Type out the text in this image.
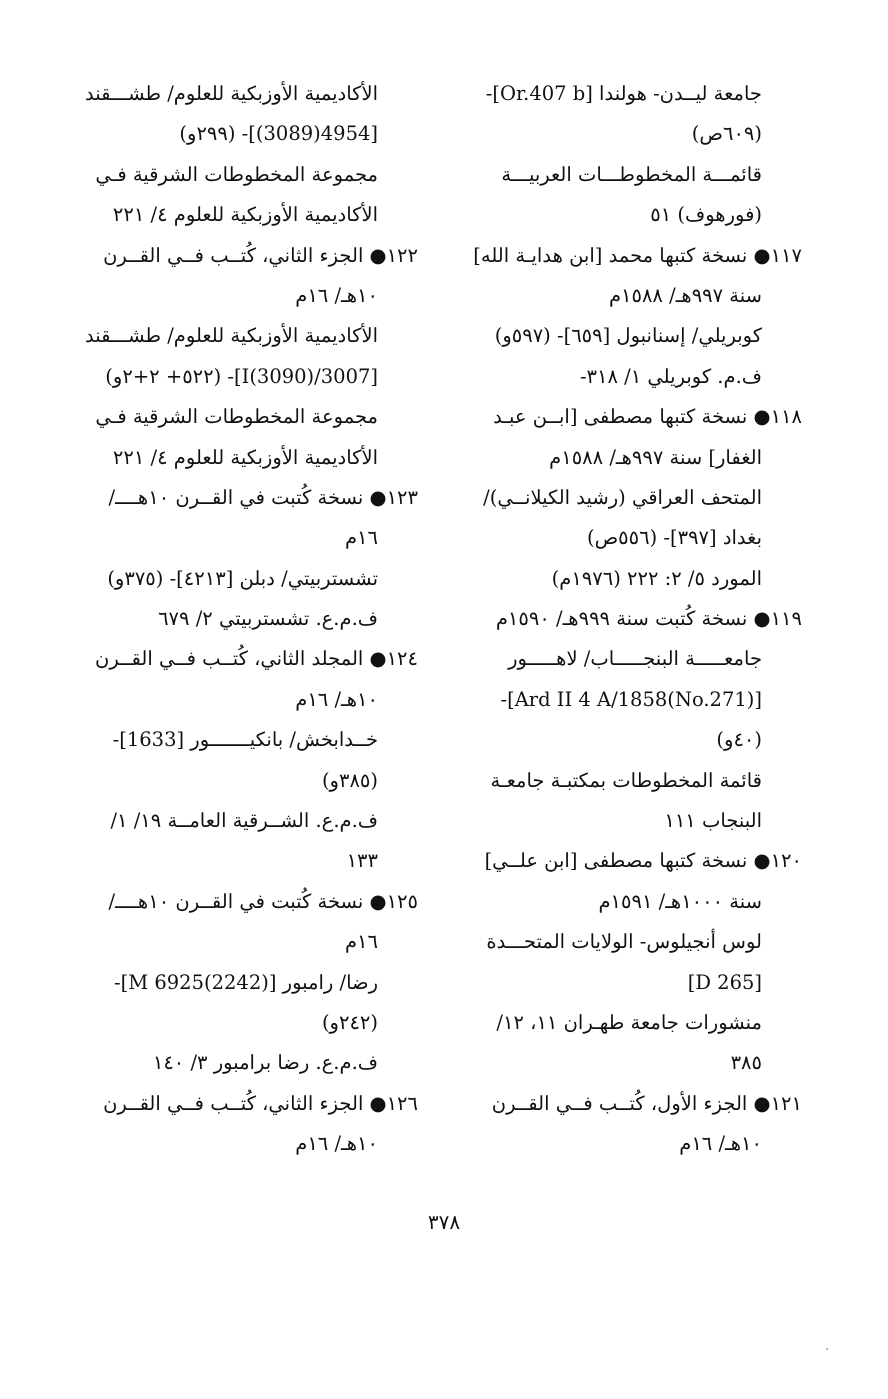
جامعة ليــدن- هولندا [Or.407 b]-
(٦٠٩ص)
قائمـــة المخطوطـــات العربيـــة
(فورهوف) ٥١
١١٧● نسخة كتبها محمد [ابن هدايـة الله]
سنة ٩٩٧هـ/ ١٥٨٨م
كوبريلي/ إسنانبول [٦٥٩]- (٥٩٧و)
ف.م. كوبريلي ١/ ٣١٨-
١١٨● نسخة كتبها مصطفى [ابــن عبـد
الغفار] سنة ٩٩٧هـ/ ١٥٨٨م
المتحف العراقي (رشيد الكيلانــي)/
بغداد [٣٩٧]- (٥٥٦ص)
المورد ٥/ ٢: ٢٢٢ (١٩٧٦م)
١١٩● نسخة كُتبت سنة ٩٩٩هـ/ ١٥٩٠م
جامعـــــة البنجـــــاب/ لاهـــــور
[(No.271)Ard II 4 A/1858]-
(٤٠و)
قائمة المخطوطات بمكتبـة جامعـة
البنجاب ١١١
١٢٠● نسخة كتبها مصطفى [ابن علــي]
سنة ١٠٠٠هـ/ ١٥٩١م
لوس أنجيلوس- الولايات المتحـــدة
[D 265]
منشورات جامعة طهـران ١١، ١٢/
٣٨٥
١٢١● الجزء الأول، كُتــب فــي القــرن
١٠هـ/ ١٦م
الأكاديمية الأوزبكية للعلوم/ طشـــقند
[4954(3089)]- (٢٩٩و)
مجموعة المخطوطات الشرقية فـي
الأكاديمية الأوزبكية للعلوم ٤/ ٢٢١
١٢٢● الجزء الثاني، كُتــب فــي القــرن
١٠هـ/ ١٦م
الأكاديمية الأوزبكية للعلوم/ طشـــقند
[3007/I(3090)]- (٥٢٢+ ٢+٢و)
مجموعة المخطوطات الشرقية فـي
الأكاديمية الأوزبكية للعلوم ٤/ ٢٢١
١٢٣● نسخة كُتبت في القــرن ١٠هــــ/
١٦م
تشستربيتي/ دبلن [٤٢١٣]- (٣٧٥و)
ف.م.ع. تشستربيتي ٢/ ٦٧٩
١٢٤● المجلد الثاني، كُتــب فــي القــرن
١٠هـ/ ١٦م
خــدابخش/ بانكيـــــــور [1633]-
(٣٨٥و)
ف.م.ع. الشــرقية العامــة ١٩/ ١/
١٣٣
١٢٥● نسخة كُتبت في القــرن ١٠هــــ/
١٦م
رضا/ رامبور [M 6925(2242)]-
(٢٤٢و)
ف.م.ع. رضا برامبور ٣/ ١٤٠
١٢٦● الجزء الثاني، كُتــب فــي القــرن
١٠هـ/ ١٦م
٣٧٨
